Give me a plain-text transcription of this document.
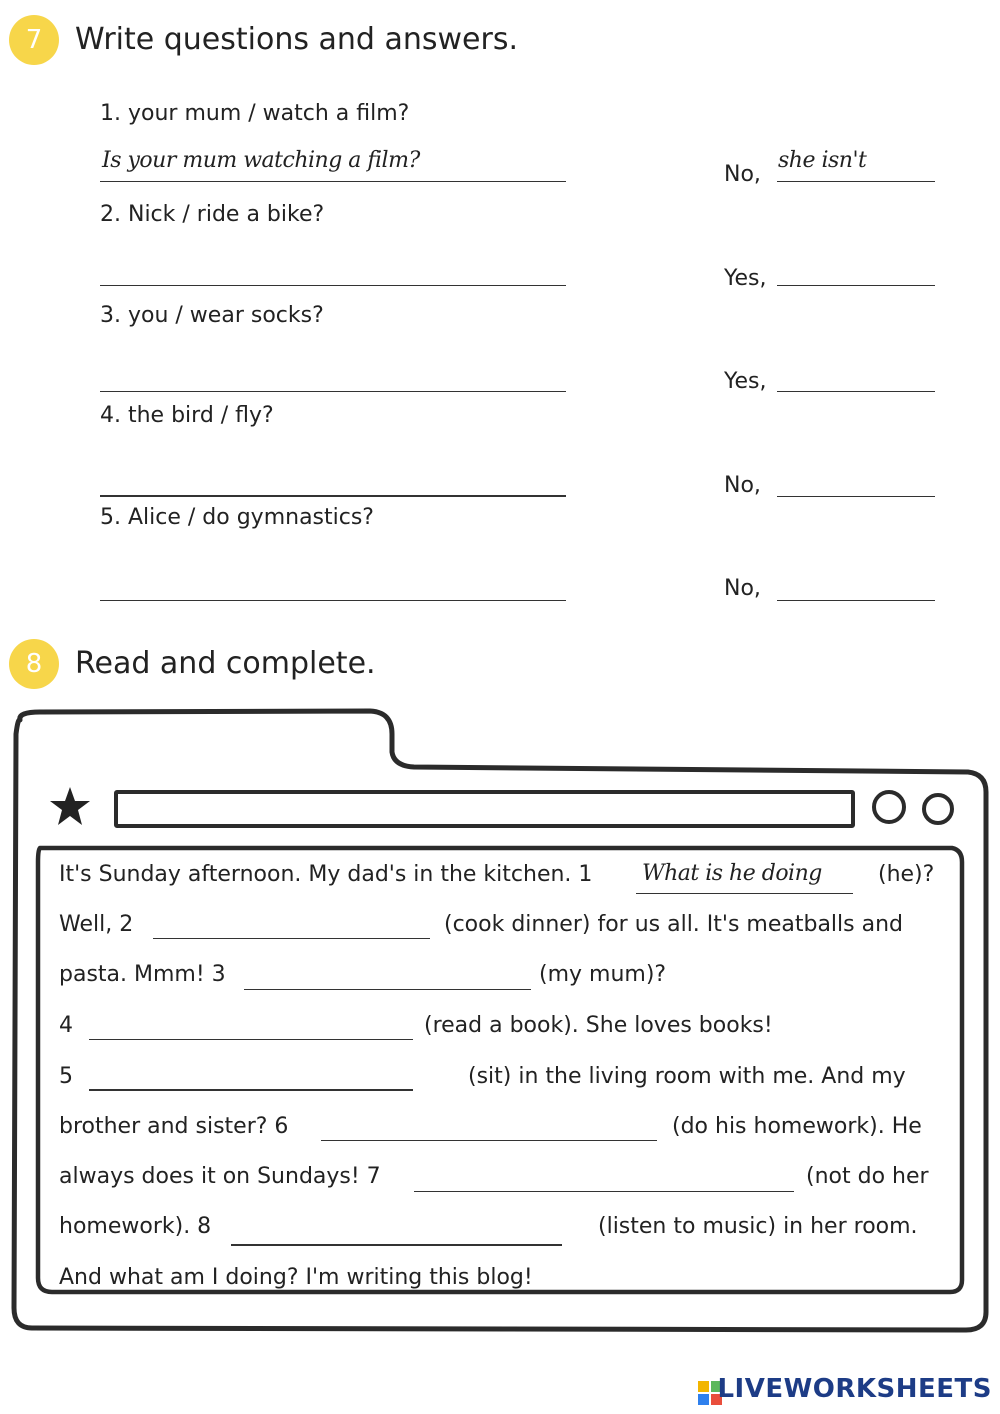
7	Write questions and answers.
1. your mum / watch a film?
Is your mum watching a film?
No,
she isn't
2. Nick / ride a bike?
Yes,
3. you / wear socks?
Yes,
4. the bird / fly?
No,
5. Alice / do gymnastics?
No,
8	Read and complete.
It's Sunday afternoon. My dad's in the kitchen. 1 What is he doing	(he)?
Well, 2	(cook dinner) for us all. It's meatballs and
pasta. Mmm! 3	(my mum)?
4	(read a book). She loves books!
5	(sit) in the living room with me. And my
brother and sister? 6	(do his homework). He
always does it on Sundays! 7	(not do her
homework). 8	(listen to music) in her room.
And what am I doing? I'm writing this blog!
LIVEWORKSHEETS
